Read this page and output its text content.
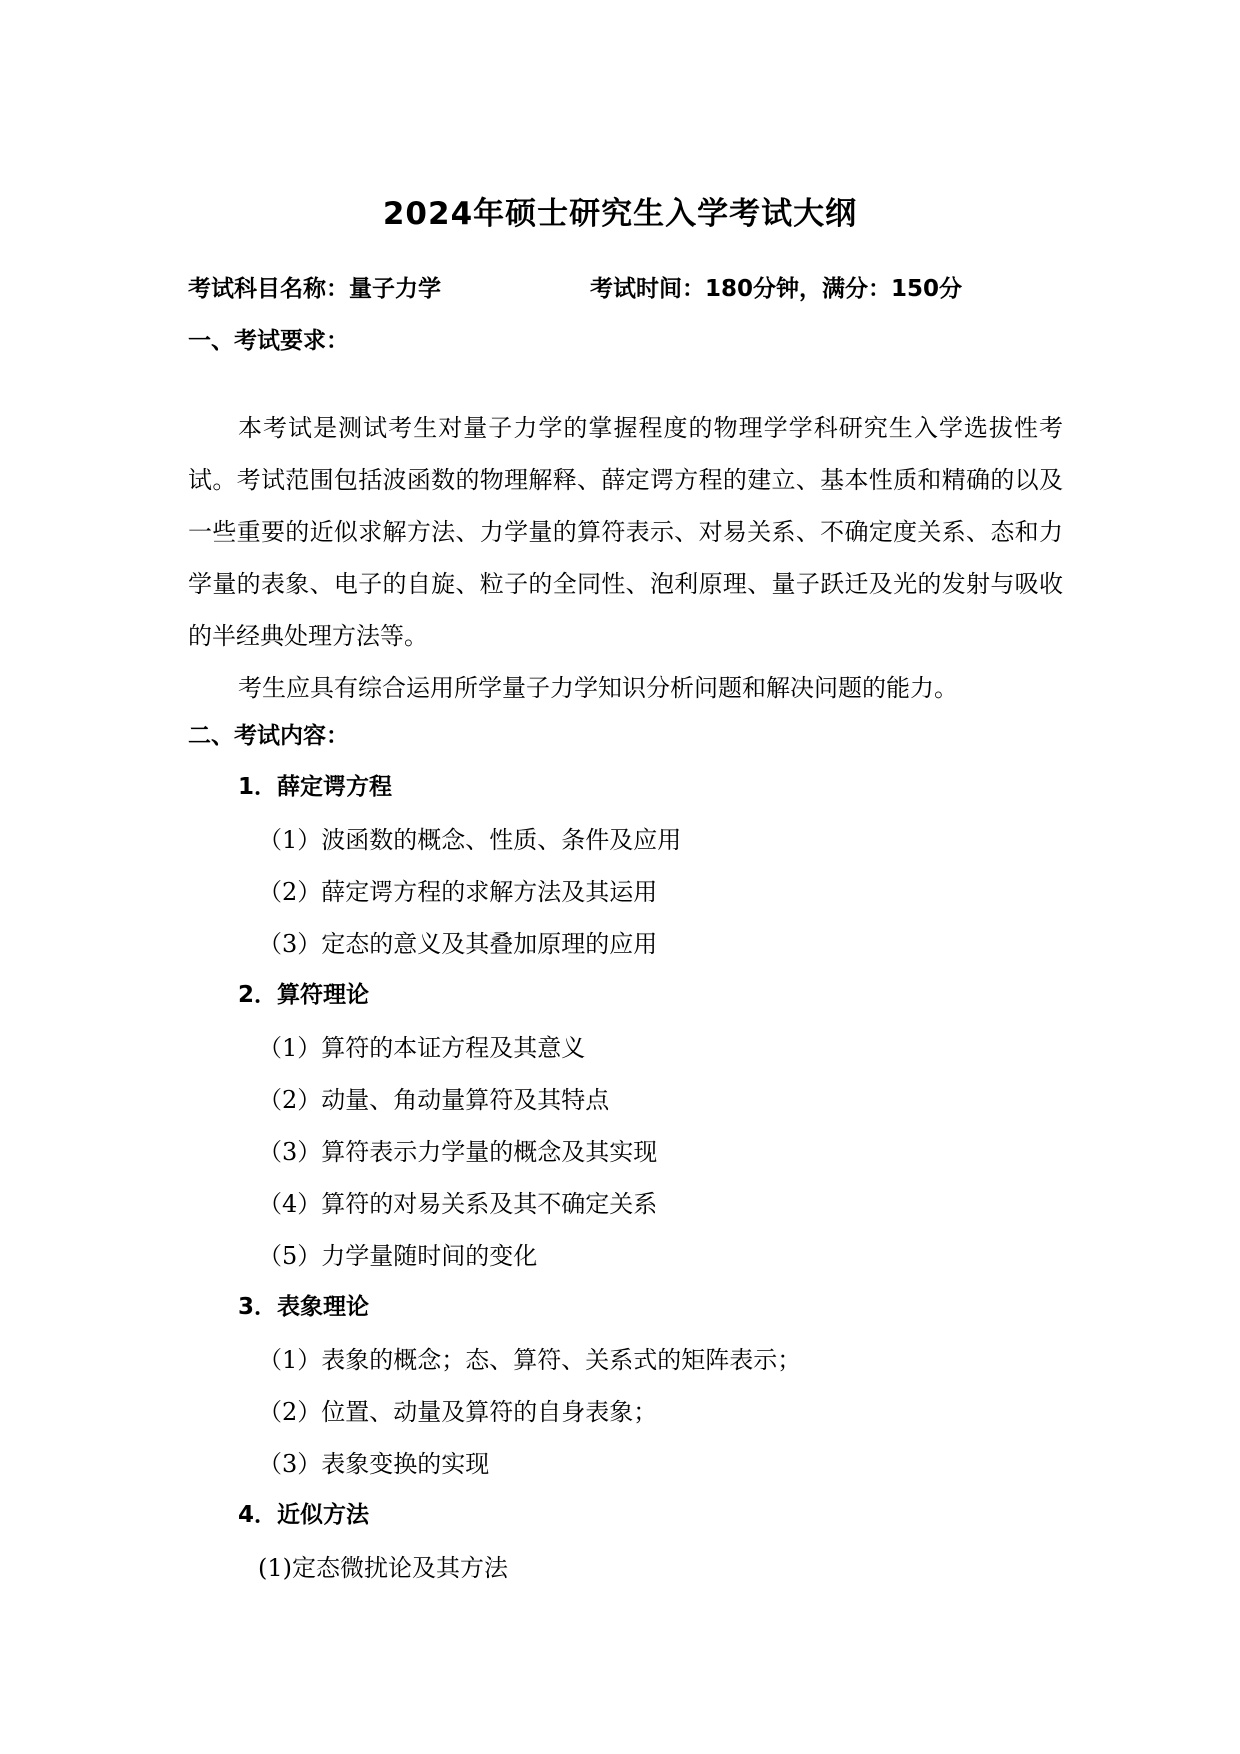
2024年硕士研究生入学考试大纲
考试科目名称：量子力学	考试时间：180分钟，满分：150分
一、考试要求：

本考试是测试考生对量子力学的掌握程度的物理学学科研究生入学选拔性考试。考试范围包括波函数的物理解释、薛定谔方程的建立、基本性质和精确的以及一些重要的近似求解方法、力学量的算符表示、对易关系、不确定度关系、态和力学量的表象、电子的自旋、粒子的全同性、泡利原理、量子跃迁及光的发射与吸收的半经典处理方法等。

考生应具有综合运用所学量子力学知识分析问题和解决问题的能力。

二、考试内容：
1．薛定谔方程
（1）波函数的概念、性质、条件及应用
（2）薛定谔方程的求解方法及其运用
（3）定态的意义及其叠加原理的应用
2．算符理论
（1）算符的本证方程及其意义
（2）动量、角动量算符及其特点
（3）算符表示力学量的概念及其实现
（4）算符的对易关系及其不确定关系
（5）力学量随时间的变化
3．表象理论
（1）表象的概念；态、算符、关系式的矩阵表示；
（2）位置、动量及算符的自身表象；
（3）表象变换的实现
4．近似方法
(1)定态微扰论及其方法
